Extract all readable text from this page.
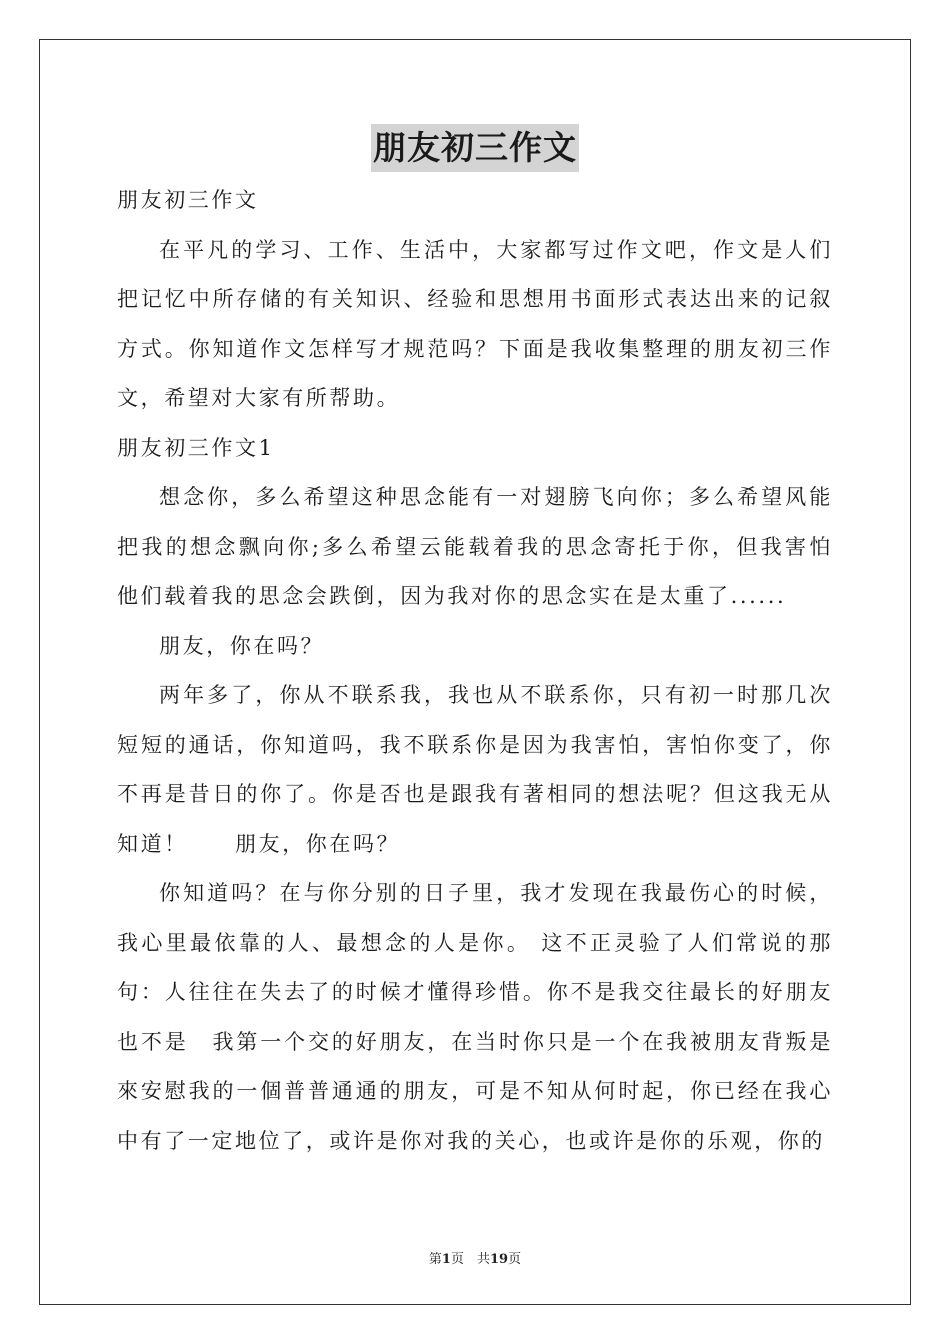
朋友初三作文

朋友初三作文

在平凡的学习、工作、生活中，大家都写过作文吧，作文是人们把记忆中所存储的有关知识、经验和思想用书面形式表达出来的记叙方式。你知道作文怎样写才规范吗？下面是我收集整理的朋友初三作文，希望对大家有所帮助。

朋友初三作文1

想念你，多么希望这种思念能有一对翅膀飞向你；多么希望风能把我的想念飘向你;多么希望云能载着我的思念寄托于你，但我害怕他们载着我的思念会跌倒，因为我对你的思念实在是太重了......

朋友，你在吗？

两年多了，你从不联系我，我也从不联系你，只有初一时那几次短短的通话，你知道吗，我不联系你是因为我害怕，害怕你变了，你不再是昔日的你了。你是否也是跟我有著相同的想法呢？但这我无从知道！　　朋友，你在吗？

你知道吗？在与你分别的日子里，我才发现在我最伤心的时候，我心里最依靠的人、最想念的人是你。 这不正灵验了人们常说的那句：人往往在失去了的时候才懂得珍惜。你不是我交往最长的好朋友也不是　我第一个交的好朋友，在当时你只是一个在我被朋友背叛是來安慰我的一個普普通通的朋友，可是不知从何时起，你已经在我心中有了一定地位了，或许是你对我的关心，也或许是你的乐观，你的

第1页　共19页
